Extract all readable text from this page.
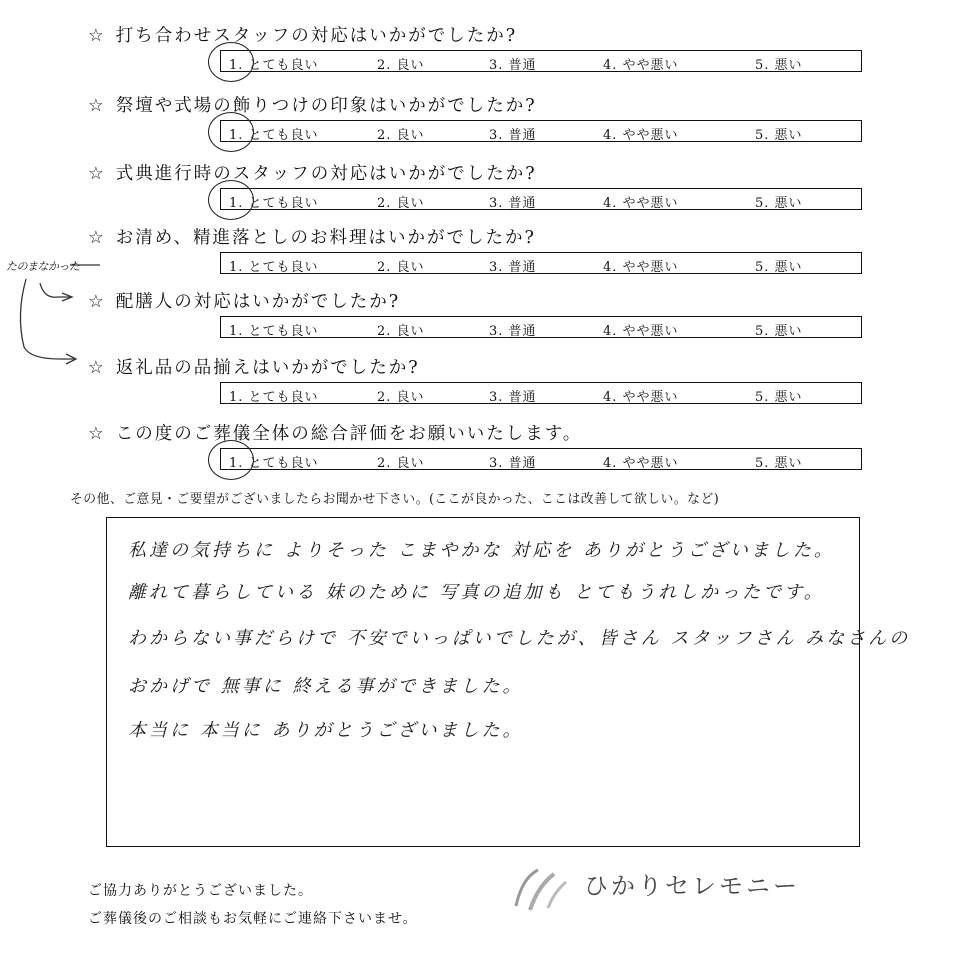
☆ 打ち合わせスタッフの対応はいかがでしたか?
1. とても良い	2. 良い	3. 普通	4. やや悪い	5. 悪い
☆ 祭壇や式場の飾りつけの印象はいかがでしたか?
1. とても良い	2. 良い	3. 普通	4. やや悪い	5. 悪い
☆ 式典進行時のスタッフの対応はいかがでしたか?
1. とても良い	2. 良い	3. 普通	4. やや悪い	5. 悪い
☆ お清め、精進落としのお料理はいかがでしたか?
1. とても良い	2. 良い	3. 普通	4. やや悪い	5. 悪い
☆ 配膳人の対応はいかがでしたか?
1. とても良い	2. 良い	3. 普通	4. やや悪い	5. 悪い
☆ 返礼品の品揃えはいかがでしたか?
1. とても良い	2. 良い	3. 普通	4. やや悪い	5. 悪い
☆ この度のご葬儀全体の総合評価をお願いいたします。
1. とても良い	2. 良い	3. 普通	4. やや悪い	5. 悪い
たのまなかった
その他、ご意見・ご要望がございましたらお聞かせ下さい。(ここが良かった、ここは改善して欲しい。など)
私達の気持ちに よりそった こまやかな 対応を ありがとうございました。
離れて暮らしている 妹のために 写真の追加も とてもうれしかったです。
わからない事だらけで 不安でいっぱいでしたが、皆さん スタッフさん みなさんの
おかげで 無事に 終える事ができました。
本当に 本当に ありがとうございました。
ご協力ありがとうございました。
ご葬儀後のご相談もお気軽にご連絡下さいませ。
ひかりセレモニー
